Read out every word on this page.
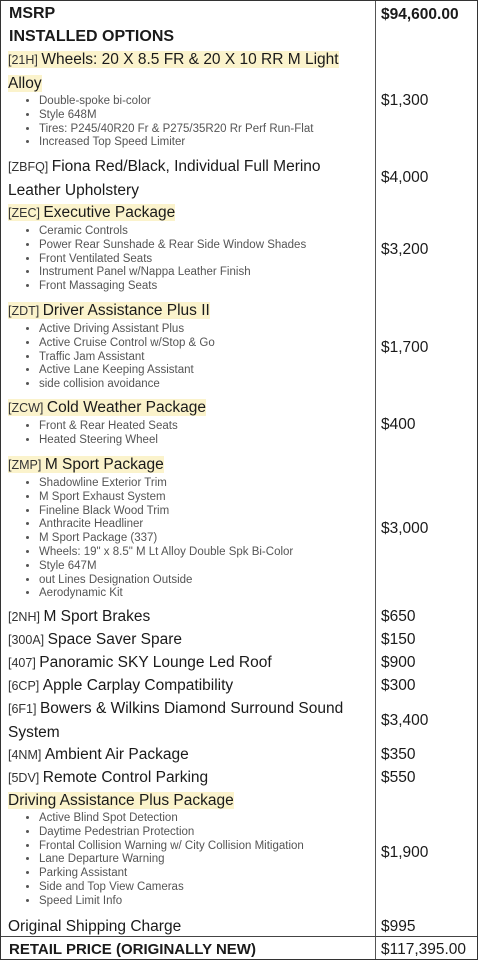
MSRP	$94,600.00
INSTALLED OPTIONS
[21H] Wheels: 20 X 8.5 FR & 20 X 10 RR M Light Alloy
• Double-spoke bi-color
• Style 648M
• Tires: P245/40R20 Fr & P275/35R20 Rr Perf Run-Flat
• Increased Top Speed Limiter
[ZBFQ] Fiona Red/Black, Individual Full Merino Leather Upholstery
[ZEC] Executive Package
• Ceramic Controls
• Power Rear Sunshade & Rear Side Window Shades
• Front Ventilated Seats
• Instrument Panel w/Nappa Leather Finish
• Front Massaging Seats
[ZDT] Driver Assistance Plus II
• Active Driving Assistant Plus
• Active Cruise Control w/Stop & Go
• Traffic Jam Assistant
• Active Lane Keeping Assistant
• side collision avoidance
[ZCW] Cold Weather Package
• Front & Rear Heated Seats
• Heated Steering Wheel
[ZMP] M Sport Package
• Shadowline Exterior Trim
• M Sport Exhaust System
• Fineline Black Wood Trim
• Anthracite Headliner
• M Sport Package (337)
• Wheels: 19" x 8.5" M Lt Alloy Double Spk Bi-Color
• Style 647M
• out Lines Designation Outside
• Aerodynamic Kit
[2NH] M Sport Brakes
[300A] Space Saver Spare
[407] Panoramic SKY Lounge Led Roof
[6CP] Apple Carplay Compatibility
[6F1] Bowers & Wilkins Diamond Surround Sound System
[4NM] Ambient Air Package
[5DV] Remote Control Parking
Driving Assistance Plus Package
• Active Blind Spot Detection
• Daytime Pedestrian Protection
• Frontal Collision Warning w/ City Collision Mitigation
• Lane Departure Warning
• Parking Assistant
• Side and Top View Cameras
• Speed Limit Info
Original Shipping Charge
RETAIL PRICE (ORIGINALLY NEW)	$117,395.00
$1,300
$4,000
$3,200
$1,700
$400
$3,000
$650
$150
$900
$300
$3,400
$350
$550
$1,900
$995
